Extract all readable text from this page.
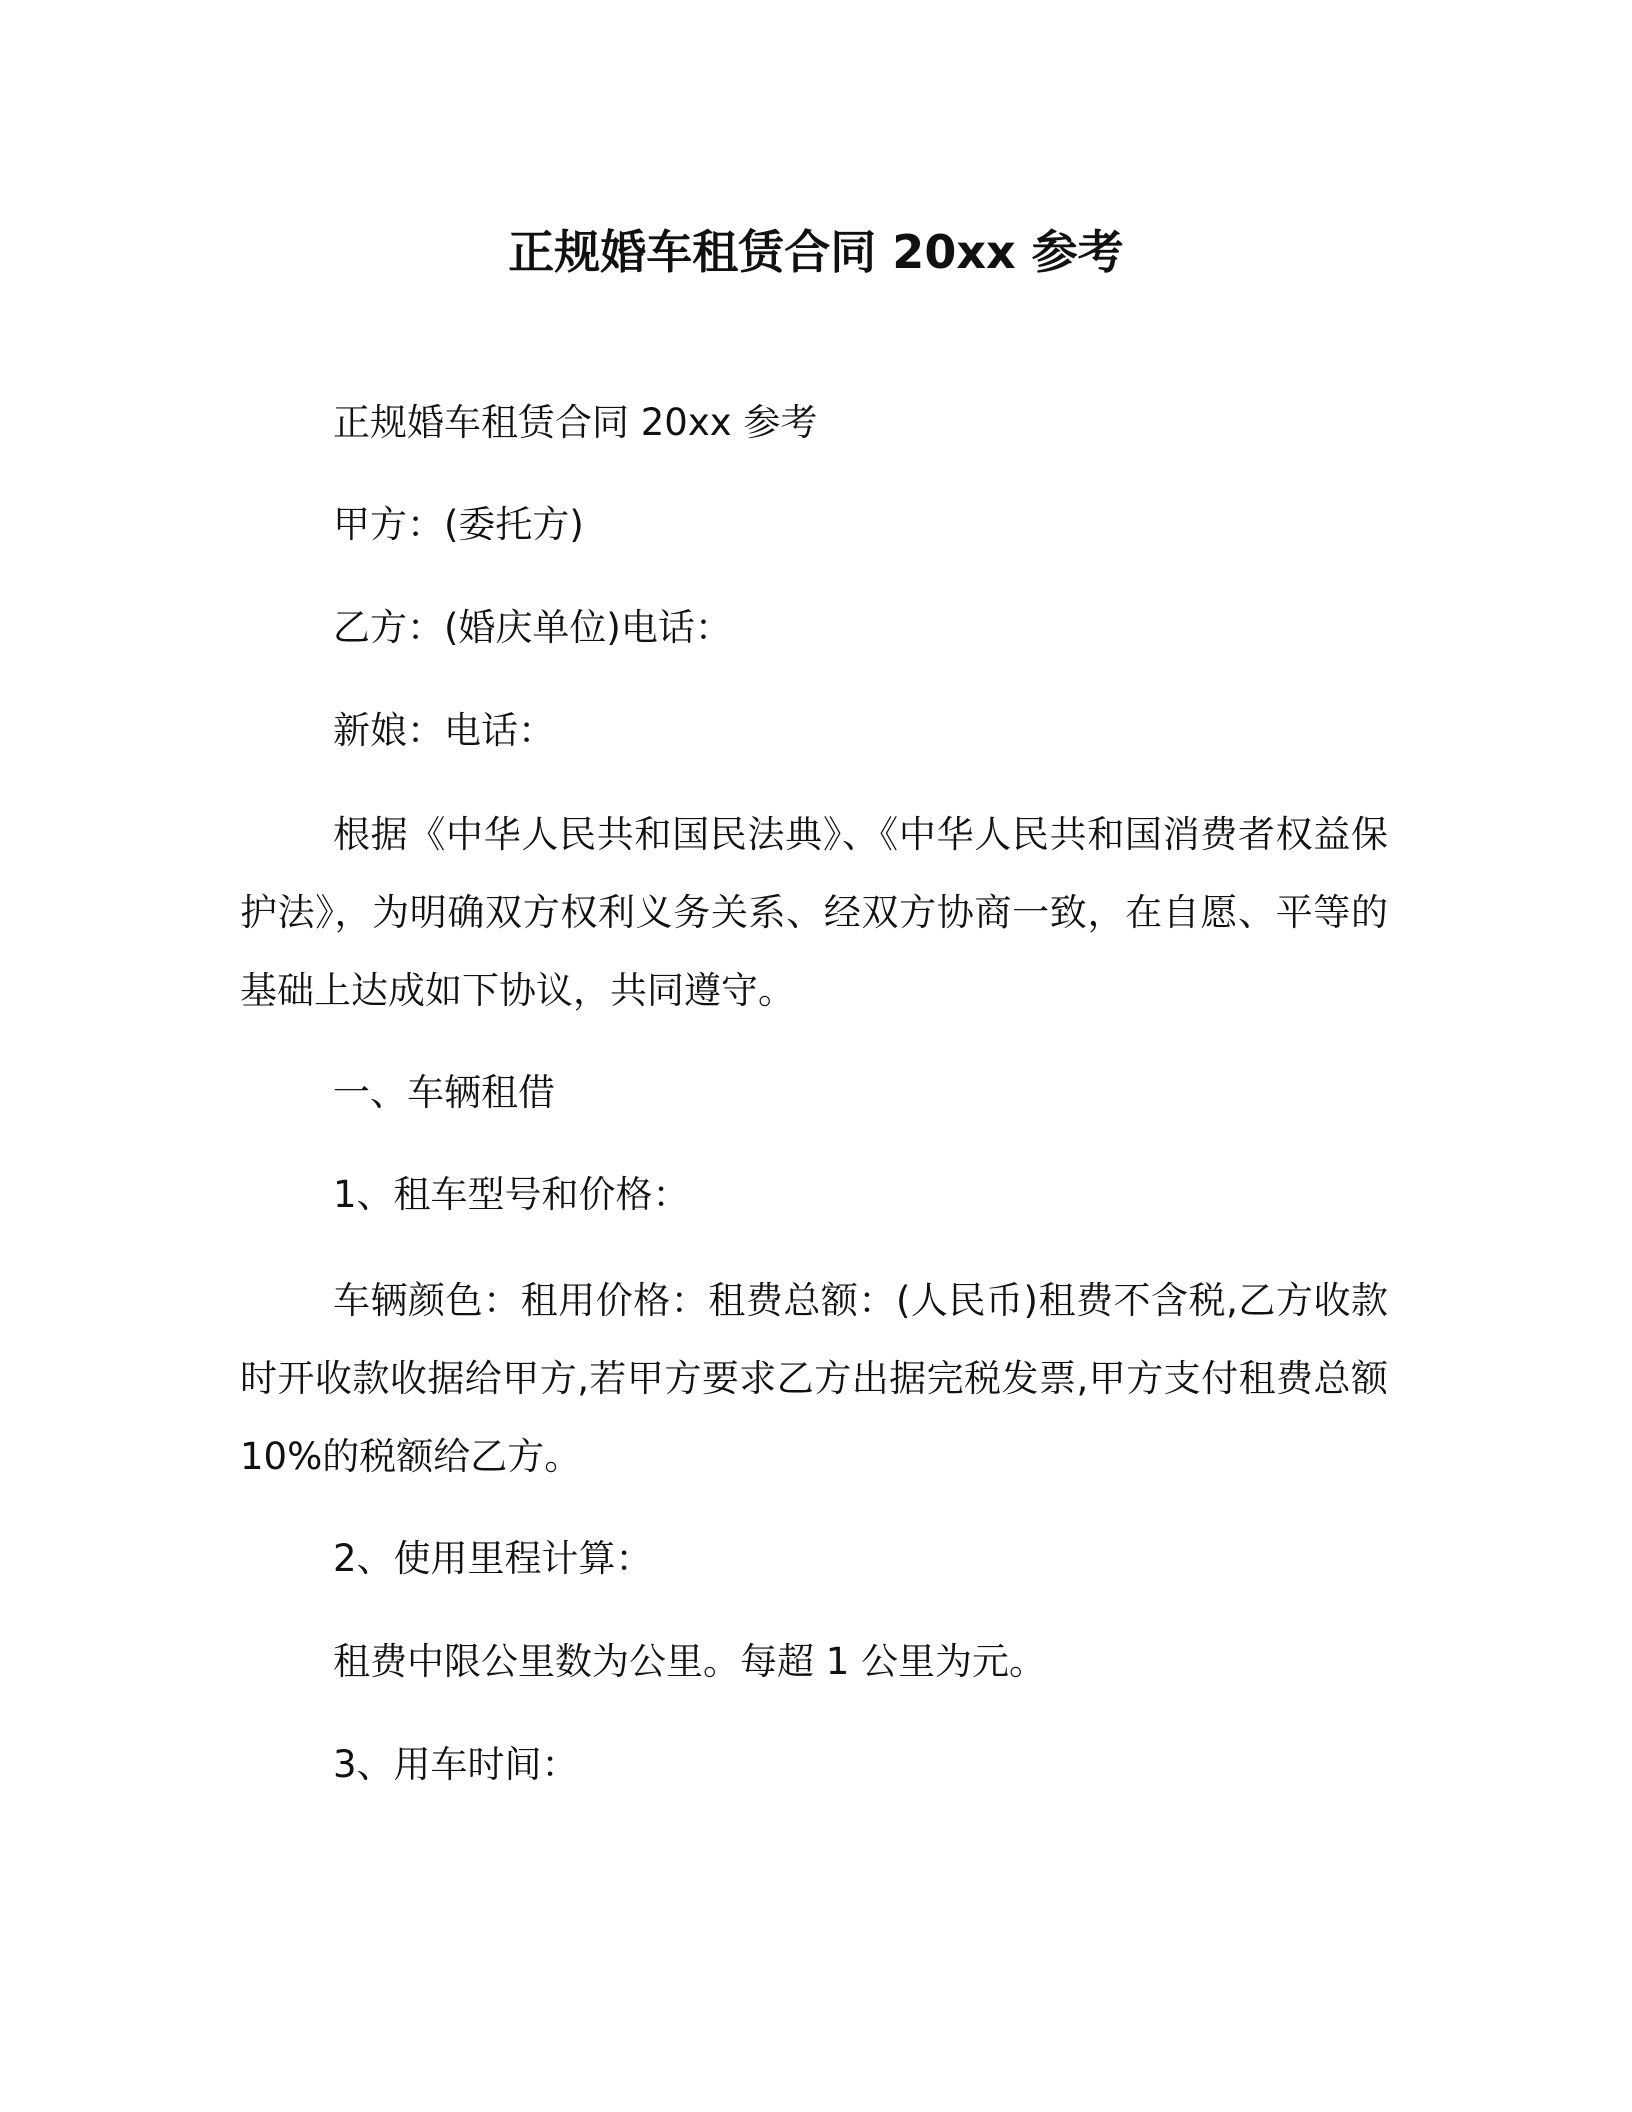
正规婚车租赁合同 20xx 参考
正规婚车租赁合同 20xx 参考
甲方：(委托方)
乙方：(婚庆单位)电话：
新娘：电话：
根据《中华人民共和国民法典》、《中华人民共和国消费者权益保护法》，为明确双方权利义务关系、经双方协商一致，在自愿、平等的基础上达成如下协议，共同遵守。
一、车辆租借
1、租车型号和价格：
车辆颜色：租用价格：租费总额：(人民币)租费不含税,乙方收款时开收款收据给甲方,若甲方要求乙方出据完税发票,甲方支付租费总额 10%的税额给乙方。
2、使用里程计算：
租费中限公里数为公里。每超 1 公里为元。
3、用车时间：
